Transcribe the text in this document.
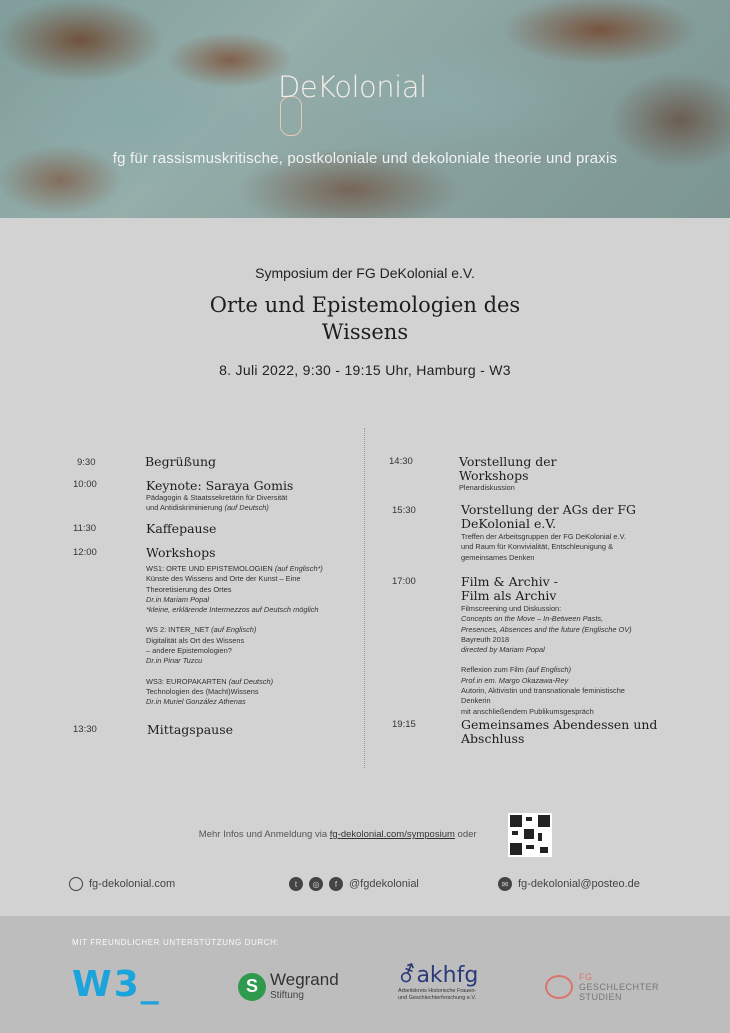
DeKolonial
fg für rassismuskritische, postkoloniale und dekoloniale theorie und praxis
Symposium der FG DeKolonial e.V.
Orte und Epistemologien des
Wissens
8. Juli 2022, 9:30 - 19:15 Uhr, Hamburg - W3
9:30	Begrüßung
10:00	Keynote: Saraya Gomis
Pädagogin & Staatssekretärin für Diversität
und Antidiskriminierung (auf Deutsch)
11:30	Kaffepause
12:00	Workshops
WS1: ORTE UND EPISTEMOLOGIEN (auf Englisch*)
Künste des Wissens and Orte der Kunst – Eine
Theoretisierung des Ortes
Dr.in Mariam Popal
*kleine, erklärende Intermezzos auf Deutsch möglich
WS 2: INTER_NET (auf Englisch)
Digitalität als Ort des Wissens
– andere Epistemologien?
Dr.in Pinar Tuzcu
WS3: EUROPAKARTEN (auf Deutsch)
Technologien des (Macht)Wissens
Dr.in Muriel González Athenas
13:30	Mittagspause
14:30	Vorstellung der
Workshops
Plenardiskussion
15:30	Vorstellung der AGs der FG
DeKolonial e.V.
Treffen der Arbeitsgruppen der FG DeKolonial e.V.
und Raum für Konvivialität, Entschleunigung &
gemeinsames Denken
17:00	Film & Archiv -
Film als Archiv
Filmscreening und Diskussion:
Concepts on the Move – In-Between Pasts,
Presences, Absences and the future (Englische OV)
Bayreuth 2018
directed by Mariam Popal
Reflexion zum Film (auf Englisch)
Prof.in em. Margo Okazawa-Rey
Autorin, Aktivistin und transnationale feministische
Denkerin
mit anschließendem Publikumsgespräch
19:15	Gemeinsames Abendessen und
Abschluss
Mehr Infos und Anmeldung via fg-dekolonial.com/symposium oder
fg-dekolonial.com	t	◎	f	@fgdekolonial	✉ fg-dekolonial@posteo.de
MIT FREUNDLICHER UNTERSTÜTZUNG DURCH:
W3_	S Wegrand
Stiftung
⚦akhfg
Arbeitskreis Historische Frauen-
und Geschlechterforschung e.V.
FG
GESCHLECHTER
STUDIEN
